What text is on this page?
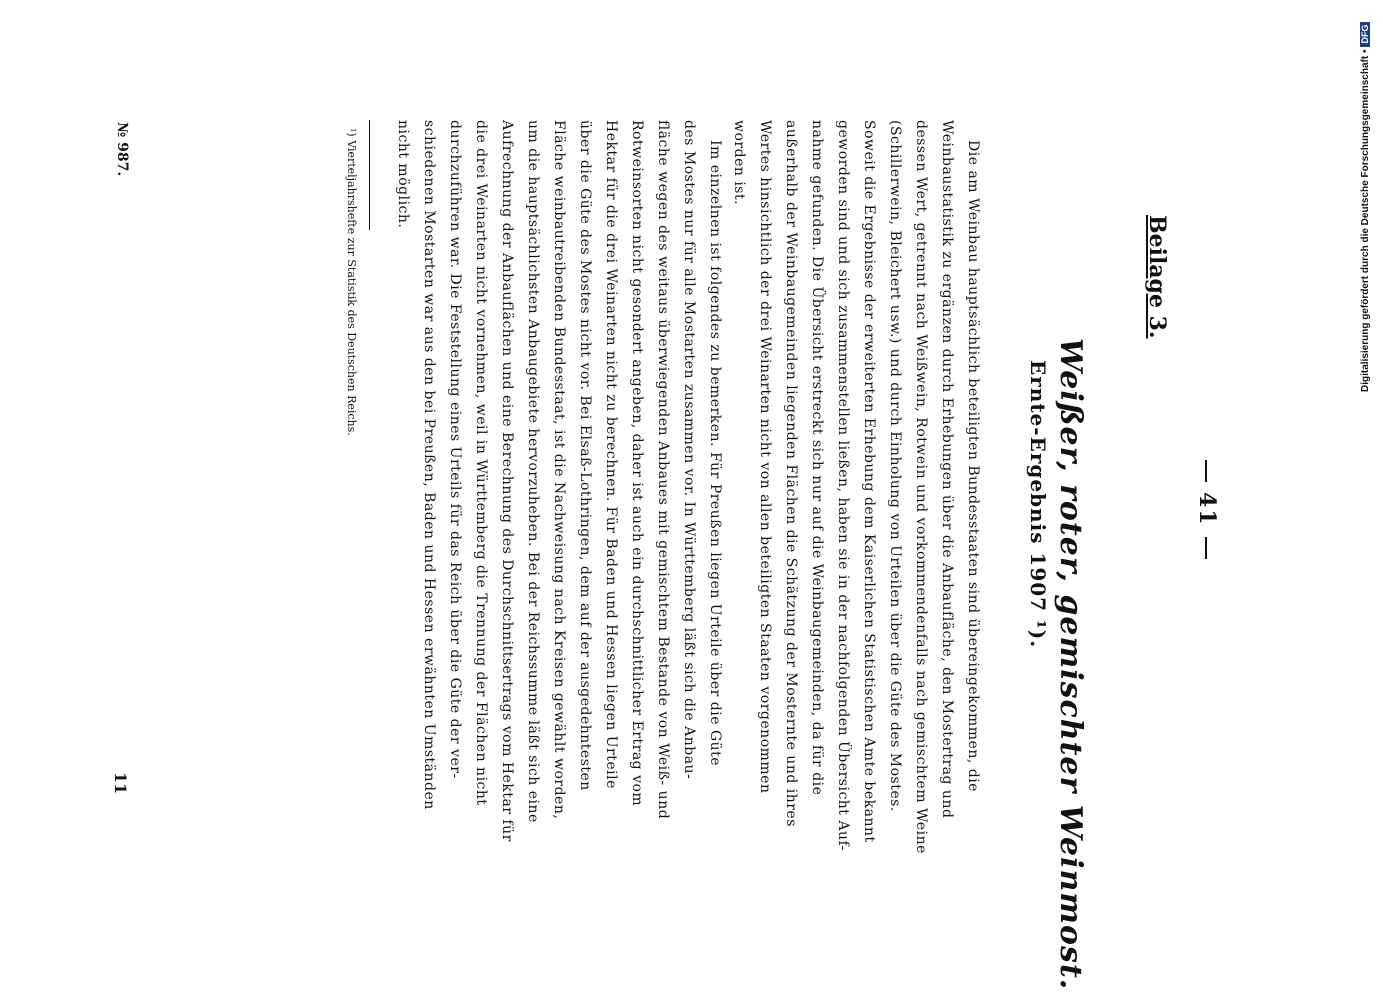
41
Beilage 3.
Weißer, roter, gemischter Weinmost.
Ernte-Ergebnis 1907 ¹).
Die am Weinbau hauptsächlich beteiligten Bundesstaaten sind übereingekommen, die
Weinbaustatistik zu ergänzen durch Erhebungen über die Anbaufläche, den Mostertrag und
dessen Wert, getrennt nach Weißwein, Rotwein und vorkommendenfalls nach gemischtem Weine
(Schillerwein, Bleichert usw.) und durch Einholung von Urteilen über die Güte des Mostes.
Soweit die Ergebnisse der erweiterten Erhebung dem Kaiserlichen Statistischen Amte bekannt
geworden sind und sich zusammenstellen ließen, haben sie in der nachfolgenden Übersicht Auf-
nahme gefunden. Die Übersicht erstreckt sich nur auf die Weinbaugemeinden, da für die
außerhalb der Weinbaugemeinden liegenden Flächen die Schätzung der Mosternte und ihres
Wertes hinsichtlich der drei Weinarten nicht von allen beteiligten Staaten vorgenommen
worden ist.
Im einzelnen ist folgendes zu bemerken. Für Preußen liegen Urteile über die Güte
des Mostes nur für alle Mostarten zusammen vor. In Württemberg läßt sich die Anbau-
fläche wegen des weitaus überwiegenden Anbaues mit gemischtem Bestande von Weiß- und
Rotweinsorten nicht gesondert angeben, daher ist auch ein durchschnittlicher Ertrag vom
Hektar für die drei Weinarten nicht zu berechnen. Für Baden und Hessen liegen Urteile
über die Güte des Mostes nicht vor. Bei Elsaß-Lothringen, dem auf der ausgedehntesten
Fläche weinbautreibenden Bundesstaat, ist die Nachweisung nach Kreisen gewählt worden,
um die hauptsächlichsten Anbaugebiete hervorzuheben. Bei der Reichssumme läßt sich eine
Aufrechnung der Anbauflächen und eine Berechnung des Durchschnittsertrags vom Hektar für
die drei Weinarten nicht vornehmen, weil in Württemberg die Trennung der Flächen nicht
durchzuführen war. Die Feststellung eines Urteils für das Reich über die Güte der ver-
schiedenen Mostarten war aus den bei Preußen, Baden und Hessen erwähnten Umständen
nicht möglich.
¹) Vierteljahrshefte zur Statistik des Deutschen Reichs.
№ 987.
11
Digitalisierung gefördert durch die Deutsche Forschungsgemeinschaft •DFG
